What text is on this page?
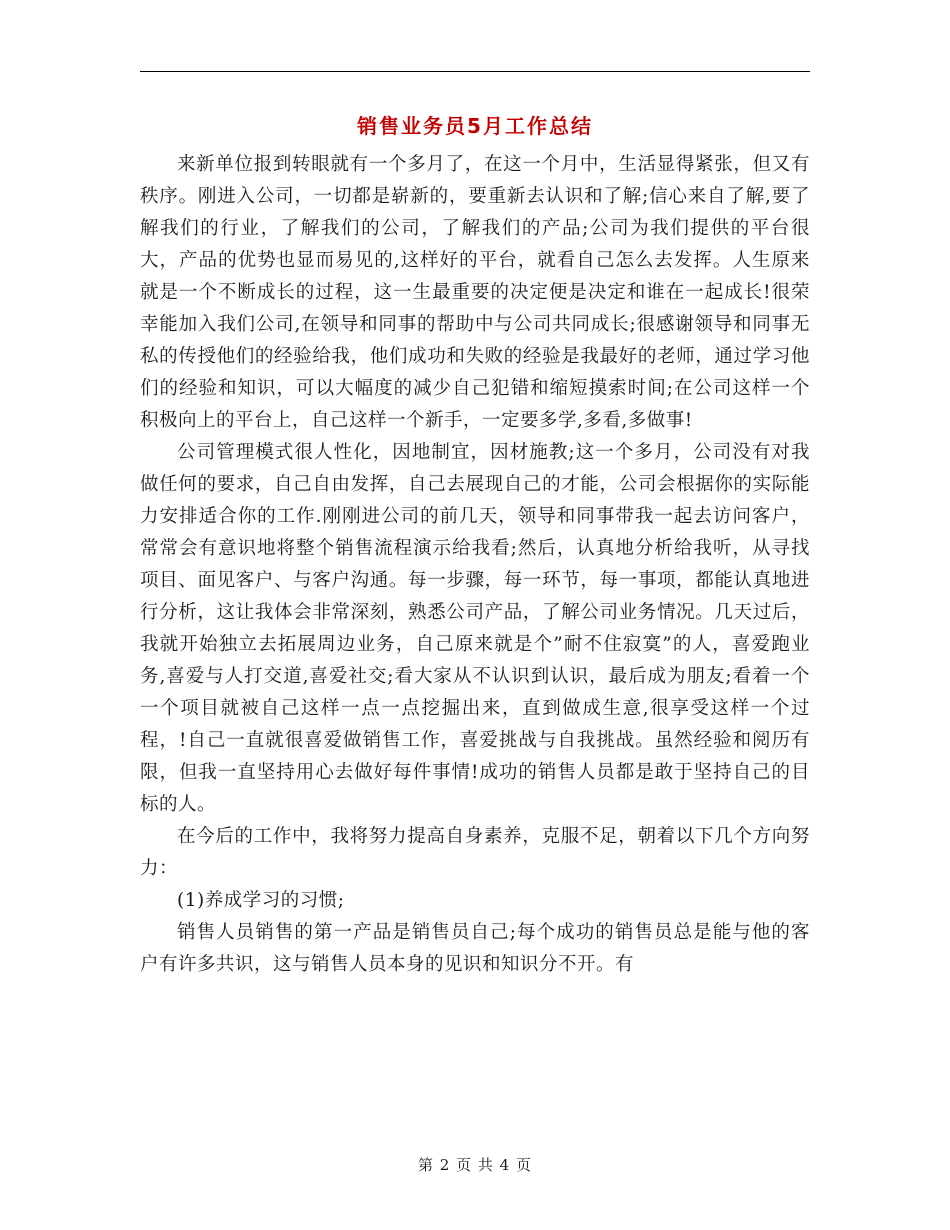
销售业务员5月工作总结

来新单位报到转眼就有一个多月了，在这一个月中，生活显得紧张，但又有秩序。刚进入公司，一切都是崭新的，要重新去认识和了解;信心来自了解,要了解我们的行业，了解我们的公司，了解我们的产品;公司为我们提供的平台很大，产品的优势也显而易见的,这样好的平台，就看自己怎么去发挥。人生原来就是一个不断成长的过程，这一生最重要的决定便是决定和谁在一起成长!很荣幸能加入我们公司,在领导和同事的帮助中与公司共同成长;很感谢领导和同事无私的传授他们的经验给我，他们成功和失败的经验是我最好的老师，通过学习他们的经验和知识，可以大幅度的减少自己犯错和缩短摸索时间;在公司这样一个积极向上的平台上，自己这样一个新手，一定要多学,多看,多做事!

公司管理模式很人性化，因地制宜，因材施教;这一个多月，公司没有对我做任何的要求，自己自由发挥，自己去展现自己的才能，公司会根据你的实际能力安排适合你的工作.刚刚进公司的前几天，领导和同事带我一起去访问客户，常常会有意识地将整个销售流程演示给我看;然后，认真地分析给我听，从寻找项目、面见客户、与客户沟通。每一步骤，每一环节，每一事项，都能认真地进行分析，这让我体会非常深刻，熟悉公司产品，了解公司业务情况。几天过后，我就开始独立去拓展周边业务，自己原来就是个”耐不住寂寞”的人，喜爱跑业务,喜爱与人打交道,喜爱社交;看大家从不认识到认识，最后成为朋友;看着一个一个项目就被自己这样一点一点挖掘出来，直到做成生意,很享受这样一个过程，!自己一直就很喜爱做销售工作，喜爱挑战与自我挑战。虽然经验和阅历有限，但我一直坚持用心去做好每件事情!成功的销售人员都是敢于坚持自己的目标的人。

在今后的工作中，我将努力提高自身素养，克服不足，朝着以下几个方向努力：

(1)养成学习的习惯;

销售人员销售的第一产品是销售员自己;每个成功的销售员总是能与他的客户有许多共识，这与销售人员本身的见识和知识分不开。有

第 2 页 共 4 页
